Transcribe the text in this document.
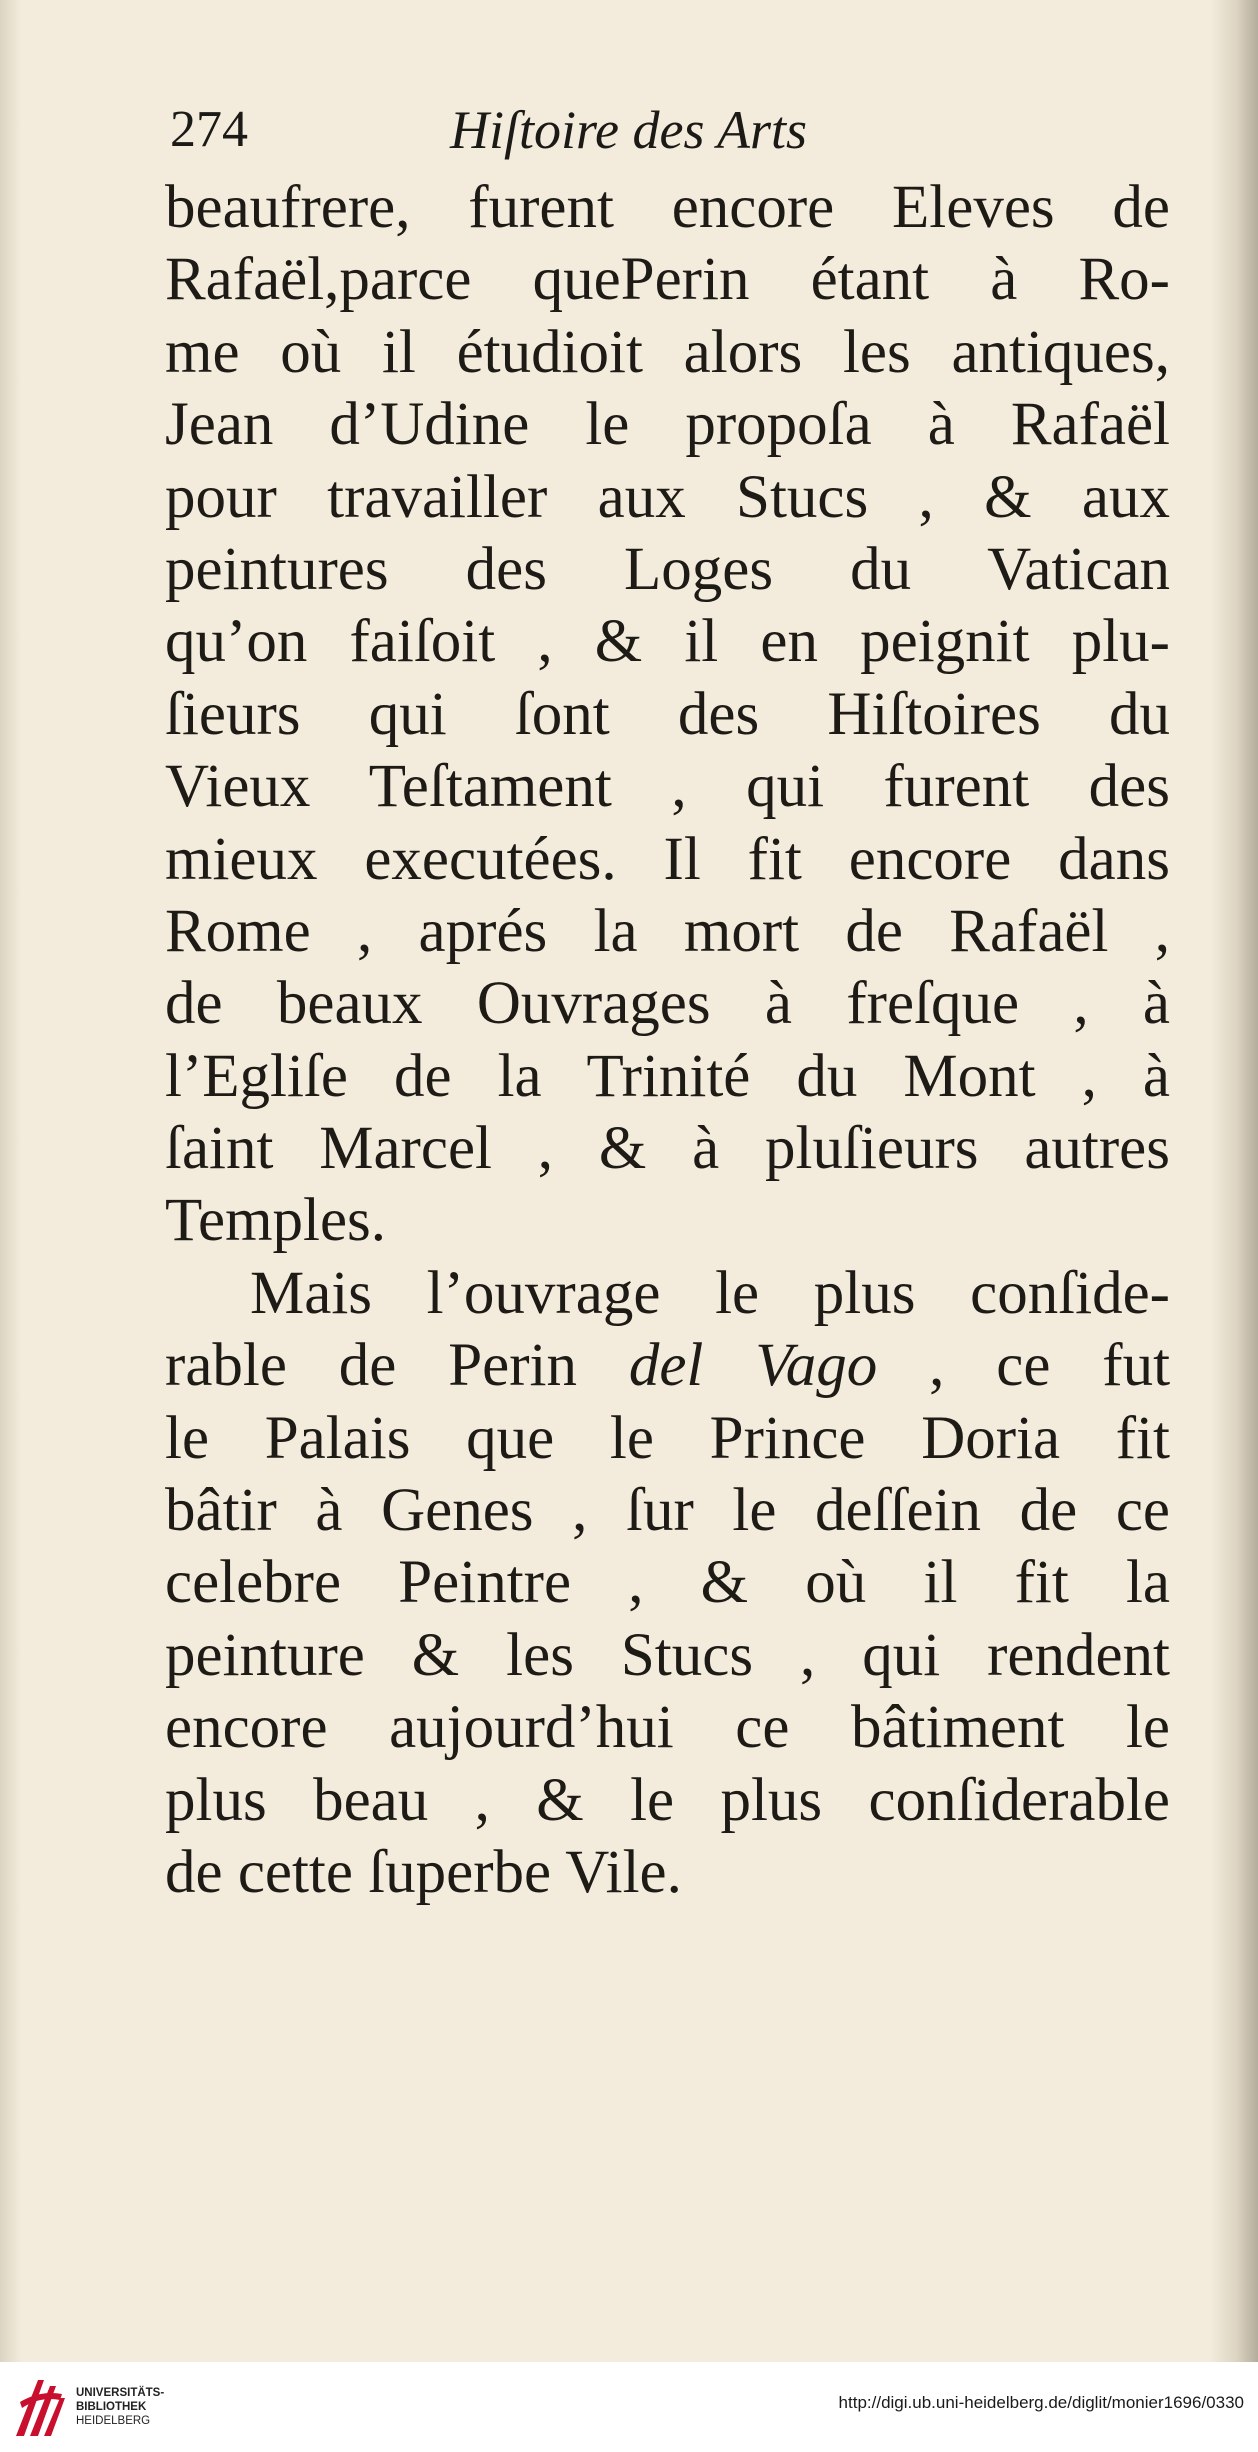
274	Hiſtoire des Arts
beaufrere, furent encore Eleves de
Rafaël,parce quePerin étant à Ro-
me où il étudioit alors les antiques,
Jean d’Udine le propoſa à Rafaël
pour travailler aux Stucs , & aux
peintures des Loges du Vatican
qu’on faiſoit , & il en peignit plu-
ſieurs qui ſont des Hiſtoires du
Vieux Teſtament , qui furent des
mieux executées. Il fit encore dans
Rome , aprés la mort de Rafaël ,
de beaux Ouvrages à freſque , à
l’Egliſe de la Trinité du Mont , à
ſaint Marcel , & à pluſieurs autres
Temples.
Mais l’ouvrage le plus conſide-
rable de Perin del Vago , ce fut
le Palais que le Prince Doria fit
bâtir à Genes , ſur le deſſein de ce
celebre Peintre , & où il fit la
peinture & les Stucs , qui rendent
encore aujourd’hui ce bâtiment le
plus beau , & le plus conſiderable
de cette ſuperbe Vile.
UNIVERSITÄTS-
BIBLIOTHEK
HEIDELBERG
http://digi.ub.uni-heidelberg.de/diglit/monier1696/0330
